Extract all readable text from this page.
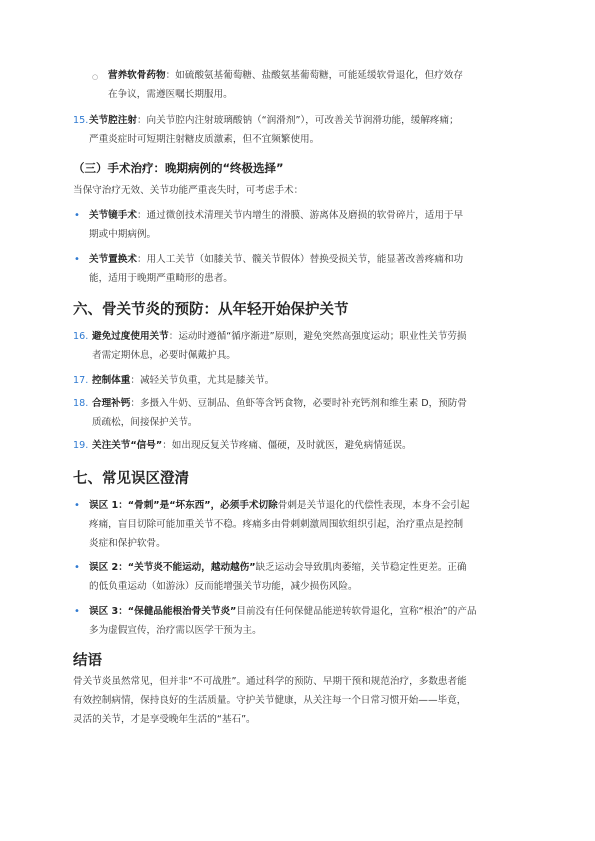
○ 营养软骨药物：如硫酸氨基葡萄糖、盐酸氨基葡萄糖，可能延缓软骨退化，但疗效存
在争议，需遵医嘱长期服用。
15. 关节腔注射：向关节腔内注射玻璃酸钠（“润滑剂”），可改善关节润滑功能，缓解疼痛；
严重炎症时可短期注射糖皮质激素，但不宜频繁使用。
（三）手术治疗：晚期病例的“终极选择”
当保守治疗无效、关节功能严重丧失时，可考虑手术：
• 关节镜手术：通过微创技术清理关节内增生的滑膜、游离体及磨损的软骨碎片，适用于早
期或中期病例。
• 关节置换术：用人工关节（如膝关节、髋关节假体）替换受损关节，能显著改善疼痛和功
能，适用于晚期严重畸形的患者。
六、骨关节炎的预防：从年轻开始保护关节
16. 避免过度使用关节：运动时遵循“循序渐进”原则，避免突然高强度运动；职业性关节劳损
者需定期休息，必要时佩戴护具。
17. 控制体重：减轻关节负重，尤其是膝关节。
18. 合理补钙：多摄入牛奶、豆制品、鱼虾等含钙食物，必要时补充钙剂和维生素 D，预防骨
质疏松，间接保护关节。
19. 关注关节“信号”：如出现反复关节疼痛、僵硬，及时就医，避免病情延误。
七、常见误区澄清
• 误区 1：“骨刺”是“坏东西”，必须手术切除骨刺是关节退化的代偿性表现，本身不会引起
疼痛，盲目切除可能加重关节不稳。疼痛多由骨刺刺激周围软组织引起，治疗重点是控制
炎症和保护软骨。
• 误区 2：“关节炎不能运动，越动越伤”缺乏运动会导致肌肉萎缩，关节稳定性更差。正确
的低负重运动（如游泳）反而能增强关节功能，减少损伤风险。
• 误区 3：“保健品能根治骨关节炎”目前没有任何保健品能逆转软骨退化，宣称“根治”的产品
多为虚假宣传，治疗需以医学干预为主。
结语
骨关节炎虽然常见，但并非“不可战胜”。通过科学的预防、早期干预和规范治疗，多数患者能
有效控制病情，保持良好的生活质量。守护关节健康，从关注每一个日常习惯开始——毕竟，
灵活的关节，才是享受晚年生活的“基石”。
